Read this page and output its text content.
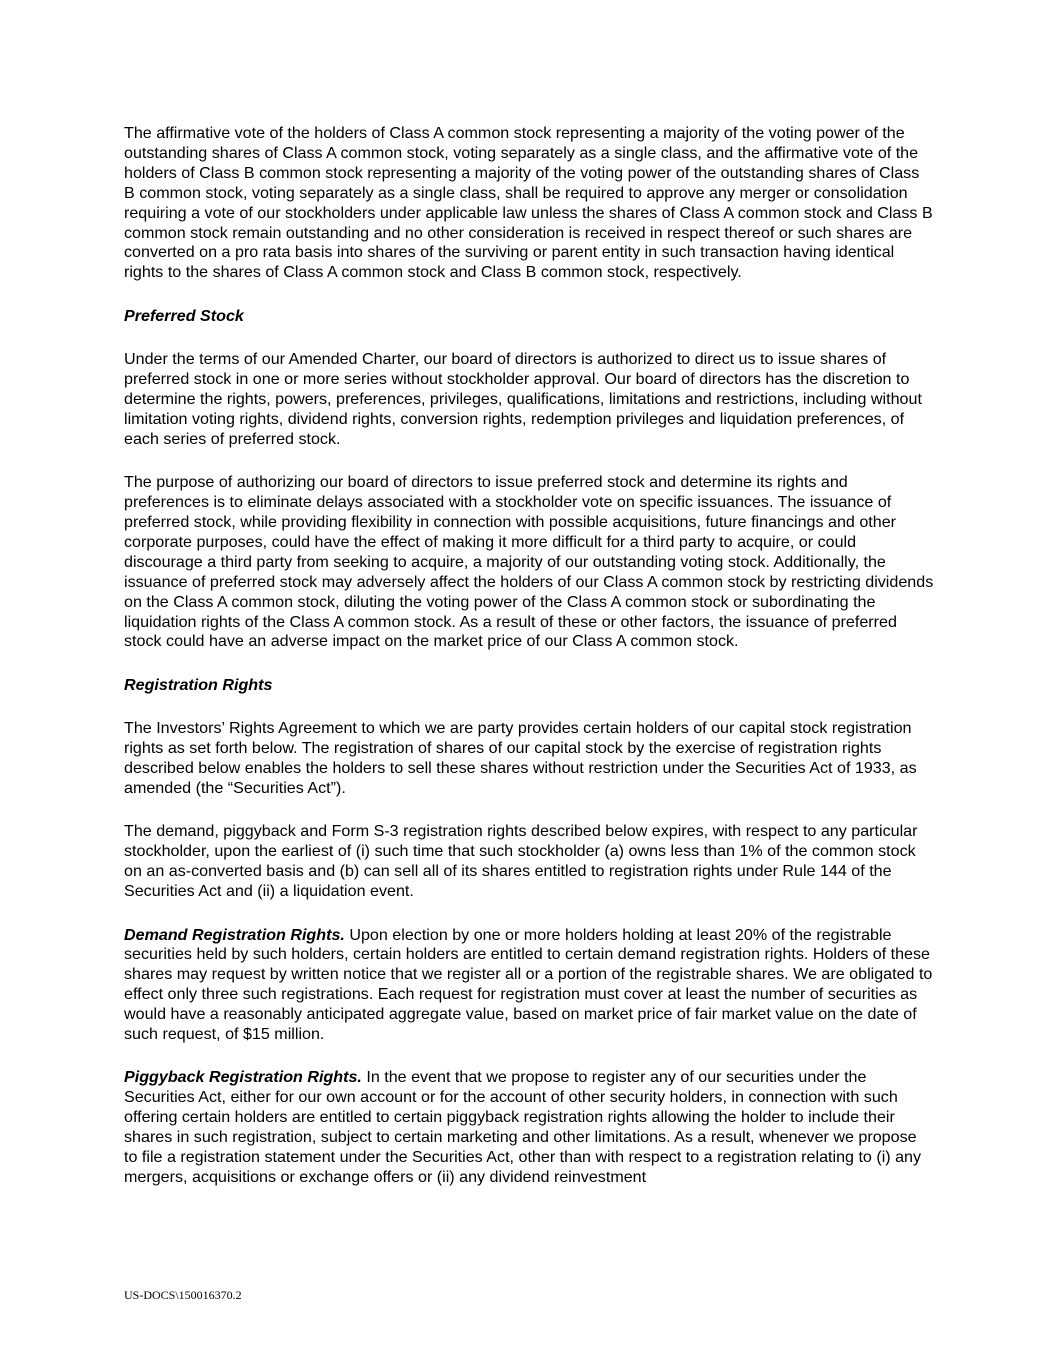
The affirmative vote of the holders of Class A common stock representing a majority of the voting power of the outstanding shares of Class A common stock, voting separately as a single class, and the affirmative vote of the holders of Class B common stock representing a majority of the voting power of the outstanding shares of Class B common stock, voting separately as a single class, shall be required to approve any merger or consolidation requiring a vote of our stockholders under applicable law unless the shares of Class A common stock and Class B common stock remain outstanding and no other consideration is received in respect thereof or such shares are converted on a pro rata basis into shares of the surviving or parent entity in such transaction having identical rights to the shares of Class A common stock and Class B common stock, respectively.

Preferred Stock

Under the terms of our Amended Charter, our board of directors is authorized to direct us to issue shares of preferred stock in one or more series without stockholder approval. Our board of directors has the discretion to determine the rights, powers, preferences, privileges, qualifications, limitations and restrictions, including without limitation voting rights, dividend rights, conversion rights, redemption privileges and liquidation preferences, of each series of preferred stock.

The purpose of authorizing our board of directors to issue preferred stock and determine its rights and preferences is to eliminate delays associated with a stockholder vote on specific issuances. The issuance of preferred stock, while providing flexibility in connection with possible acquisitions, future financings and other corporate purposes, could have the effect of making it more difficult for a third party to acquire, or could discourage a third party from seeking to acquire, a majority of our outstanding voting stock. Additionally, the issuance of preferred stock may adversely affect the holders of our Class A common stock by restricting dividends on the Class A common stock, diluting the voting power of the Class A common stock or subordinating the liquidation rights of the Class A common stock. As a result of these or other factors, the issuance of preferred stock could have an adverse impact on the market price of our Class A common stock.

Registration Rights

The Investors’ Rights Agreement to which we are party provides certain holders of our capital stock registration rights as set forth below. The registration of shares of our capital stock by the exercise of registration rights described below enables the holders to sell these shares without restriction under the Securities Act of 1933, as amended (the “Securities Act”).

The demand, piggyback and Form S-3 registration rights described below expires, with respect to any particular stockholder, upon the earliest of (i) such time that such stockholder (a) owns less than 1% of the common stock on an as-converted basis and (b) can sell all of its shares entitled to registration rights under Rule 144 of the Securities Act and (ii) a liquidation event.

Demand Registration Rights. Upon election by one or more holders holding at least 20% of the registrable securities held by such holders, certain holders are entitled to certain demand registration rights. Holders of these shares may request by written notice that we register all or a portion of the registrable shares. We are obligated to effect only three such registrations. Each request for registration must cover at least the number of securities as would have a reasonably anticipated aggregate value, based on market price of fair market value on the date of such request, of $15 million.

Piggyback Registration Rights. In the event that we propose to register any of our securities under the Securities Act, either for our own account or for the account of other security holders, in connection with such offering certain holders are entitled to certain piggyback registration rights allowing the holder to include their shares in such registration, subject to certain marketing and other limitations. As a result, whenever we propose to file a registration statement under the Securities Act, other than with respect to a registration relating to (i) any mergers, acquisitions or exchange offers or (ii) any dividend reinvestment

US-DOCS\150016370.2
